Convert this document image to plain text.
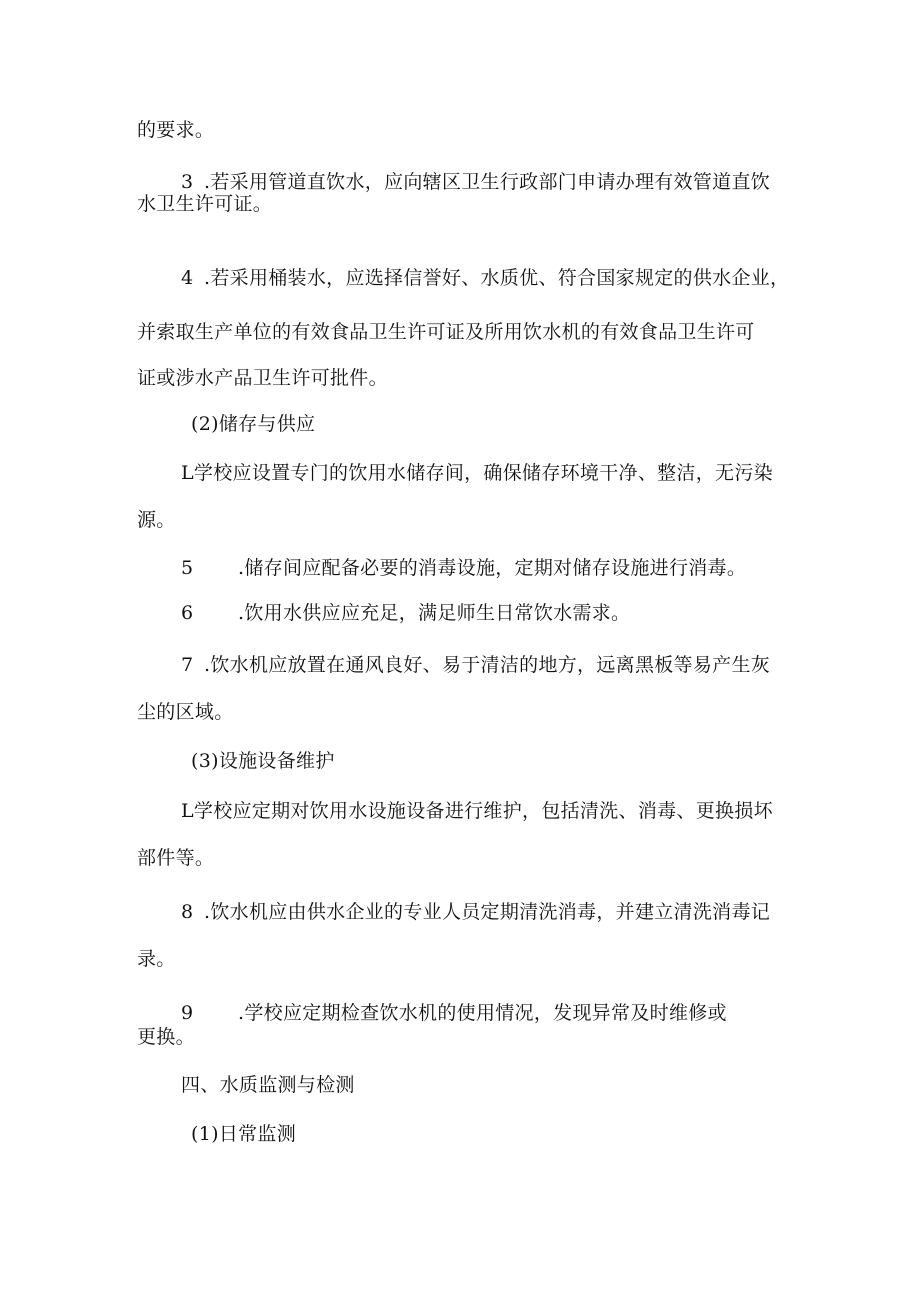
的要求。
3 .若采用管道直饮水，应向辖区卫生行政部门申请办理有效管道直饮
水卫生许可证。
4 .若采用桶装水，应选择信誉好、水质优、符合国家规定的供水企业，
并索取生产单位的有效食品卫生许可证及所用饮水机的有效食品卫生许可
证或涉水产品卫生许可批件。
(2)储存与供应
L学校应设置专门的饮用水储存间，确保储存环境干净、整洁，无污染
源。
5 .储存间应配备必要的消毒设施，定期对储存设施进行消毒。
6 .饮用水供应应充足，满足师生日常饮水需求。
7 .饮水机应放置在通风良好、易于清洁的地方，远离黑板等易产生灰
尘的区域。
(3)设施设备维护
L学校应定期对饮用水设施设备进行维护，包括清洗、消毒、更换损坏
部件等。
8 .饮水机应由供水企业的专业人员定期清洗消毒，并建立清洗消毒记
录。
9 .学校应定期检查饮水机的使用情况，发现异常及时维修或
更换。
四、水质监测与检测
(1)日常监测
